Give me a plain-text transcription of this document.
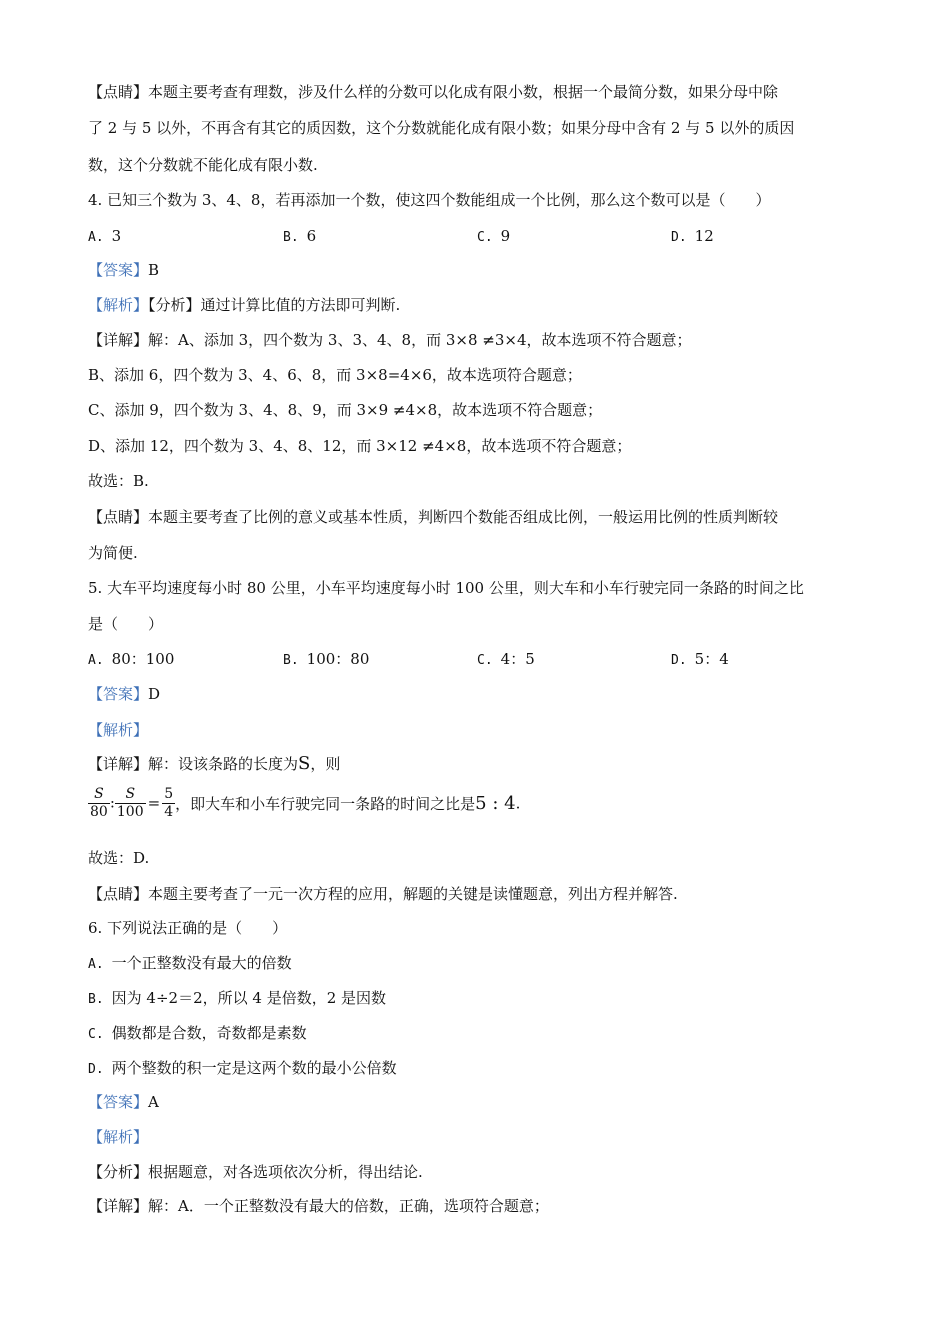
【点睛】本题主要考查有理数，涉及什么样的分数可以化成有限小数，根据一个最简分数，如果分母中除
了 2 与 5 以外，不再含有其它的质因数，这个分数就能化成有限小数；如果分母中含有 2 与 5 以外的质因
数，这个分数就不能化成有限小数.
4. 已知三个数为 3、4、8，若再添加一个数，使这四个数能组成一个比例，那么这个数可以是（　　）
A. 3	B. 6	C. 9	D. 12
【答案】B
【解析】【分析】通过计算比值的方法即可判断.
【详解】解：A、添加 3，四个数为 3、3、4、8，而 3×8 ≠3×4，故本选项不符合题意；
B、添加 6，四个数为 3、4、6、8，而 3×8=4×6，故本选项符合题意；
C、添加 9，四个数为 3、4、8、9，而 3×9 ≠4×8，故本选项不符合题意；
D、添加 12，四个数为 3、4、8、12，而 3×12 ≠4×8，故本选项不符合题意；
故选：B.
【点睛】本题主要考查了比例的意义或基本性质，判断四个数能否组成比例，一般运用比例的性质判断较
为简便.
5. 大车平均速度每小时 80 公里，小车平均速度每小时 100 公里，则大车和小车行驶完同一条路的时间之比
是（　　）
A. 80：100	B. 100：80	C. 4：5	D. 5：4
【答案】D
【解析】
【详解】解：设该条路的长度为S，则
$\frac{S}{80}$ : $\frac{S}{100} = \frac{5}{4}$ ，即大车和小车行驶完同一条路的时间之比是5 : 4.
故选：D.
【点睛】本题主要考查了一元一次方程的应用，解题的关键是读懂题意，列出方程并解答.
6. 下列说法正确的是（　　）
A. 一个正整数没有最大的倍数
B. 因为 4÷2＝2，所以 4 是倍数，2 是因数
C. 偶数都是合数，奇数都是素数
D. 两个整数的积一定是这两个数的最小公倍数
【答案】A
【解析】
【分析】根据题意，对各选项依次分析，得出结论.
【详解】解：A．一个正整数没有最大的倍数，正确，选项符合题意；
